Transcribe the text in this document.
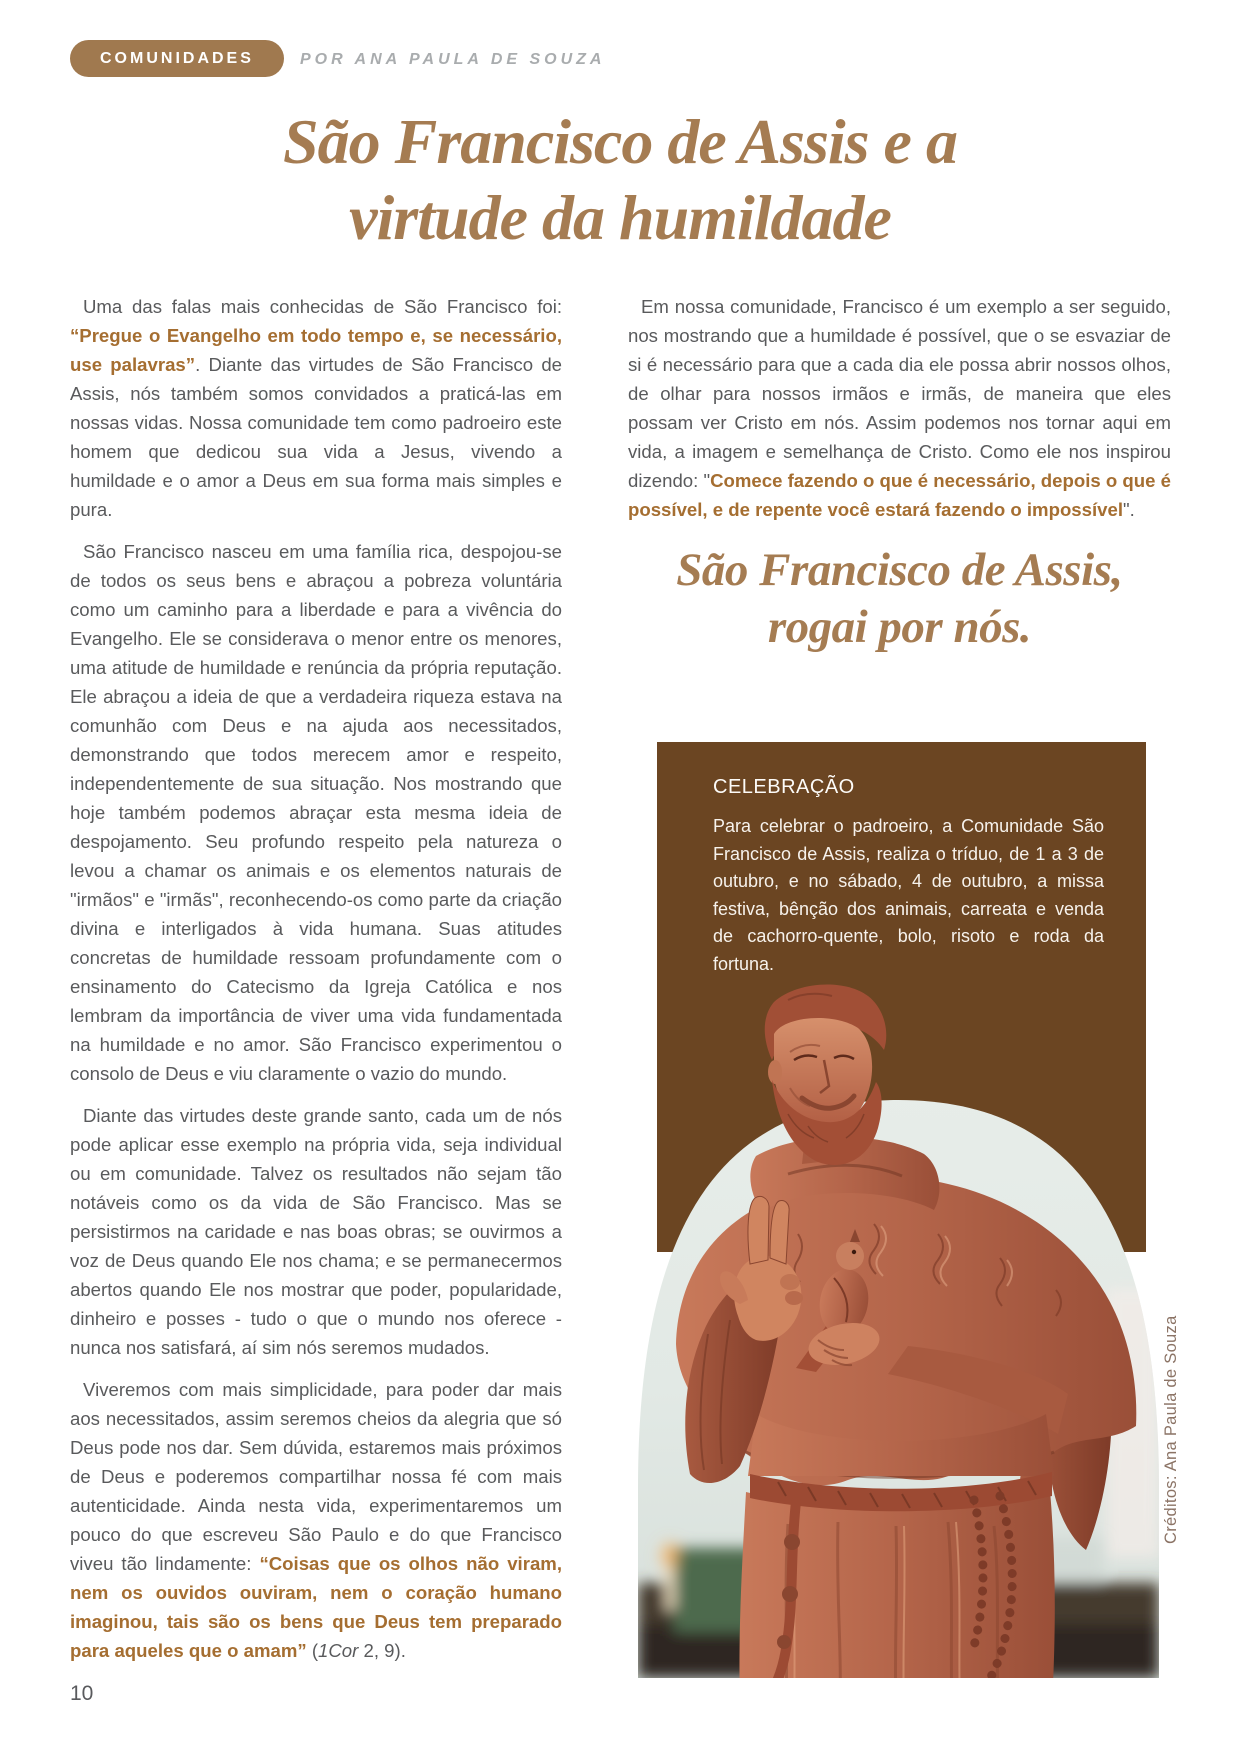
COMUNIDADES	POR ANA PAULA DE SOUZA
São Francisco de Assis e a
virtude da humildade

Uma das falas mais conhecidas de São Francisco foi: “Pregue o Evangelho em todo tempo e, se necessário, use palavras”. Diante das virtudes de São Francisco de Assis, nós também somos convidados a praticá-las em nossas vidas. Nossa comunidade tem como padroeiro este homem que dedicou sua vida a Jesus, vivendo a humildade e o amor a Deus em sua forma mais simples e pura.

São Francisco nasceu em uma família rica, despojou-se de todos os seus bens e abraçou a pobreza voluntária como um caminho para a liberdade e para a vivência do Evangelho. Ele se considerava o menor entre os menores, uma atitude de humildade e renúncia da própria reputação. Ele abraçou a ideia de que a verdadeira riqueza estava na comunhão com Deus e na ajuda aos necessitados, demonstrando que todos merecem amor e respeito, independentemente de sua situação. Nos mostrando que hoje também podemos abraçar esta mesma ideia de despojamento. Seu profundo respeito pela natureza o levou a chamar os animais e os elementos naturais de "irmãos" e "irmãs", reconhecendo-os como parte da criação divina e interligados à vida humana. Suas atitudes concretas de humildade ressoam profundamente com o ensinamento do Catecismo da Igreja Católica e nos lembram da importância de viver uma vida fundamentada na humildade e no amor. São Francisco experimentou o consolo de Deus e viu claramente o vazio do mundo.

Diante das virtudes deste grande santo, cada um de nós pode aplicar esse exemplo na própria vida, seja individual ou em comunidade. Talvez os resultados não sejam tão notáveis como os da vida de São Francisco. Mas se persistirmos na caridade e nas boas obras; se ouvirmos a voz de Deus quando Ele nos chama; e se permanecermos abertos quando Ele nos mostrar que poder, popularidade, dinheiro e posses - tudo o que o mundo nos oferece - nunca nos satisfará, aí sim nós seremos mudados.

Viveremos com mais simplicidade, para poder dar mais aos necessitados, assim seremos cheios da alegria que só Deus pode nos dar. Sem dúvida, estaremos mais próximos de Deus e poderemos compartilhar nossa fé com mais autenticidade. Ainda nesta vida, experimentaremos um pouco do que escreveu São Paulo e do que Francisco viveu tão lindamente: “Coisas que os olhos não viram, nem os ouvidos ouviram, nem o coração humano imaginou, tais são os bens que Deus tem preparado para aqueles que o amam” (1Cor 2, 9).

Em nossa comunidade, Francisco é um exemplo a ser seguido, nos mostrando que a humildade é possível, que o se esvaziar de si é necessário para que a cada dia ele possa abrir nossos olhos, de olhar para nossos irmãos e irmãs, de maneira que eles possam ver Cristo em nós. Assim podemos nos tornar aqui em vida, a imagem e semelhança de Cristo. Como ele nos inspirou dizendo: "Comece fazendo o que é necessário, depois o que é possível, e de repente você estará fazendo o impossível".

São Francisco de Assis,
rogai por nós.
CELEBRAÇÃO
Para celebrar o padroeiro, a Comunidade São Francisco de Assis, realiza o tríduo, de 1 a 3 de outubro, e no sábado, 4 de outubro, a missa festiva, bênção dos animais, carreata e venda de cachorro-quente, bolo, risoto e roda da fortuna.
Créditos: Ana Paula de Souza
10
